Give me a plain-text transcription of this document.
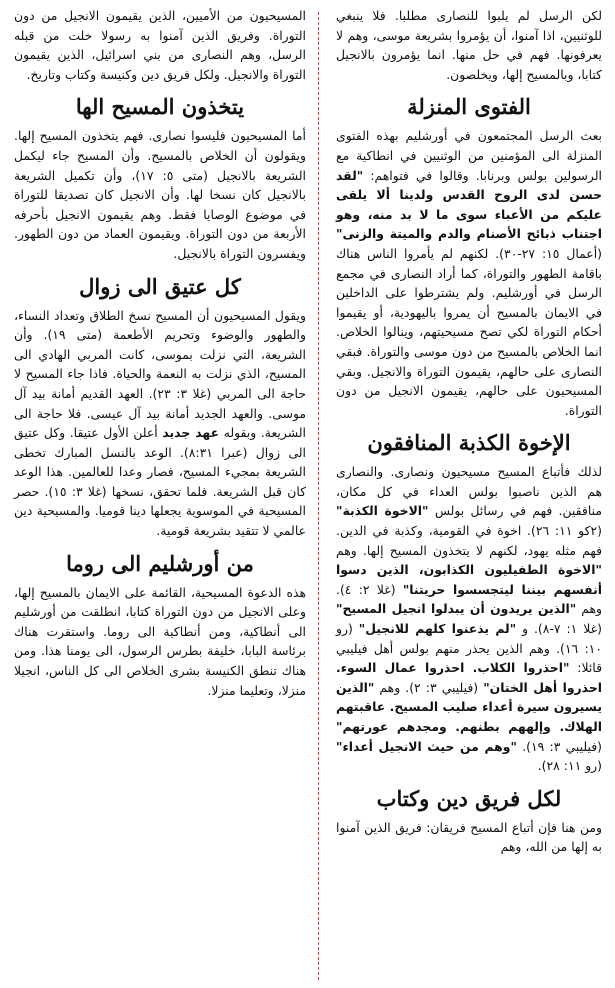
لكن الرسل لم يلبوا للنصارى مطلبا. فلا ينبغي للوثنيين، اذا آمنوا، أن يؤمروا بشريعة موسى، وهم لا يعرفونها. فهم في حل منها. انما يؤمرون بالانجيل كتابا، وبالمسيح إلها، ويخلصون.

الفتوى المنزلة

بعث الرسل المجتمعون في أورشليم بهذه الفتوى المنزلة الى المؤمنين من الوثنيين في انطاكية مع الرسولين بولس وبرنابا. وقالوا في فتواهم: "لقد حسن لدى الروح القدس ولدينا ألا يلقى عليكم من الأعباء سوى ما لا بد منه، وهو اجتناب ذبائح الأصنام والدم والميتة والزنى" (أعمال ١٥: ٢٧-٣٠). لكنهم لم يأمروا الناس هناك باقامة الطهور والتوراة، كما أراد النصارى في مجمع الرسل في أورشليم. ولم يشترطوا على الداخلين في الايمان بالمسيح أن يمروا باليهودية، أو يقيموا أحكام التوراة لكي تصح مسيحيتهم، وينالوا الخلاص. انما الخلاص بالمسيح من دون موسى والتوراة. فبقي النصارى على حالهم، يقيمون التوراة والانجيل. وبقي المسيحيون على حالهم، يقيمون الانجيل من دون التوراة.

الإخوة الكذبة المنافقون

لذلك فأتباع المسيح مسيحيون ونصارى. والنصارى هم الذين ناصبوا بولس العداء في كل مكان، منافقين. فهم في رسائل بولس "الاخوة الكذبة" (٢كو ١١: ٢٦). اخوة في القومية، وكذبة في الدين. فهم مثله يهود، لكنهم لا يتخذون المسيح إلها. وهم "الاخوة الطفيليون الكذابون، الذين دسوا أنفسهم بيننا ليتجسسوا حريتنا" (غلا ٢: ٤). وهم "الذين يريدون أن يبدلوا انجيل المسيح" (غلا ١: ٧-٨). و "لم يذعنوا كلهم للانجيل" (رو ١٠: ١٦). وهم الذين يحذر منهم بولس أهل فيليبي قائلا: "احذروا الكلاب. احذروا عمال السوء. احذروا أهل الختان" (فيليبي ٣: ٢). وهم "الذين يسيرون سيرة أعداء صليب المسيح. عاقبتهم الهلاك. وإلههم بطنهم. ومجدهم عورتهم" (فيليبي ٣: ١٩). "وهم من حيث الانجيل أعداء" (رو ١١: ٢٨).

لكل فريق دين وكتاب

ومن هنا فإن أتباع المسيح فريقان: فريق الذين آمنوا به إلها من الله، وهم

المسيحيون من الأميين، الذين يقيمون الانجيل من دون التوراة. وفريق الذين آمنوا به رسولا خلت من قبله الرسل، وهم النصارى من بني اسرائيل، الذين يقيمون التوراة والانجيل. ولكل فريق دين وكنيسة وكتاب وتاريخ.

يتخذون المسيح الها

أما المسيحيون فليسوا نصارى. فهم يتخذون المسيح إلها. ويقولون أن الخلاص بالمسيح. وأن المسيح جاء ليكمل الشريعة بالانجيل (متى ٥: ١٧)، وأن تكميل الشريعة بالانجيل كان نسخا لها. وأن الانجيل كان تصديقا للتوراة في موضوع الوصايا فقط. وهم يقيمون الانجيل بأحرفه الأربعة من دون التوراة. ويقيمون العماد من دون الطهور. ويفسرون التوراة بالانجيل.

كل عتيق الى زوال

ويقول المسيحيون أن المسيح نسخ الطلاق وتعداد النساء، والطهور والوضوء وتحريم الأطعمة (متى ١٩). وأن الشريعة، التي نزلت بموسى، كانت المربي الهادي الى المسيح، الذي نزلت به النعمة والحياة. فاذا جاء المسيح لا حاجة الى المربي (غلا ٣: ٢٣). العهد القديم أمانة بيد آل موسى. والعهد الجديد أمانة بيد آل عيسى. فلا حاجة الى الشريعة. وبقوله عهد جديد أعلن الأول عتيقا. وكل عتيق الى زوال (عبرا ٨:٣١). الوعد بالنسل المبارك تخطى الشريعة بمجيء المسيح، فصار وعدا للعالمين. هذا الوعد كان قبل الشريعة. فلما تحقق، نسخها (غلا ٣: ١٥). حصر المسيحية في الموسوية يجعلها دينا قوميا. والمسيحية دين عالمي لا تتقيد بشريعة قومية.

من أورشليم الى روما

هذه الدعوة المسيحية، القائمة على الايمان بالمسيح إلها، وعلى الانجيل من دون التوراة كتابا، انطلقت من أورشليم الى أنطاكية، ومن أنطاكية الى روما. واستقرت هناك برئاسة البابا، خليفة بطرس الرسول، الى يومنا هذا. ومن هناك تنطق الكنيسة بشرى الخلاص الى كل الناس، انجيلا منزلا، وتعليما منزلا.
